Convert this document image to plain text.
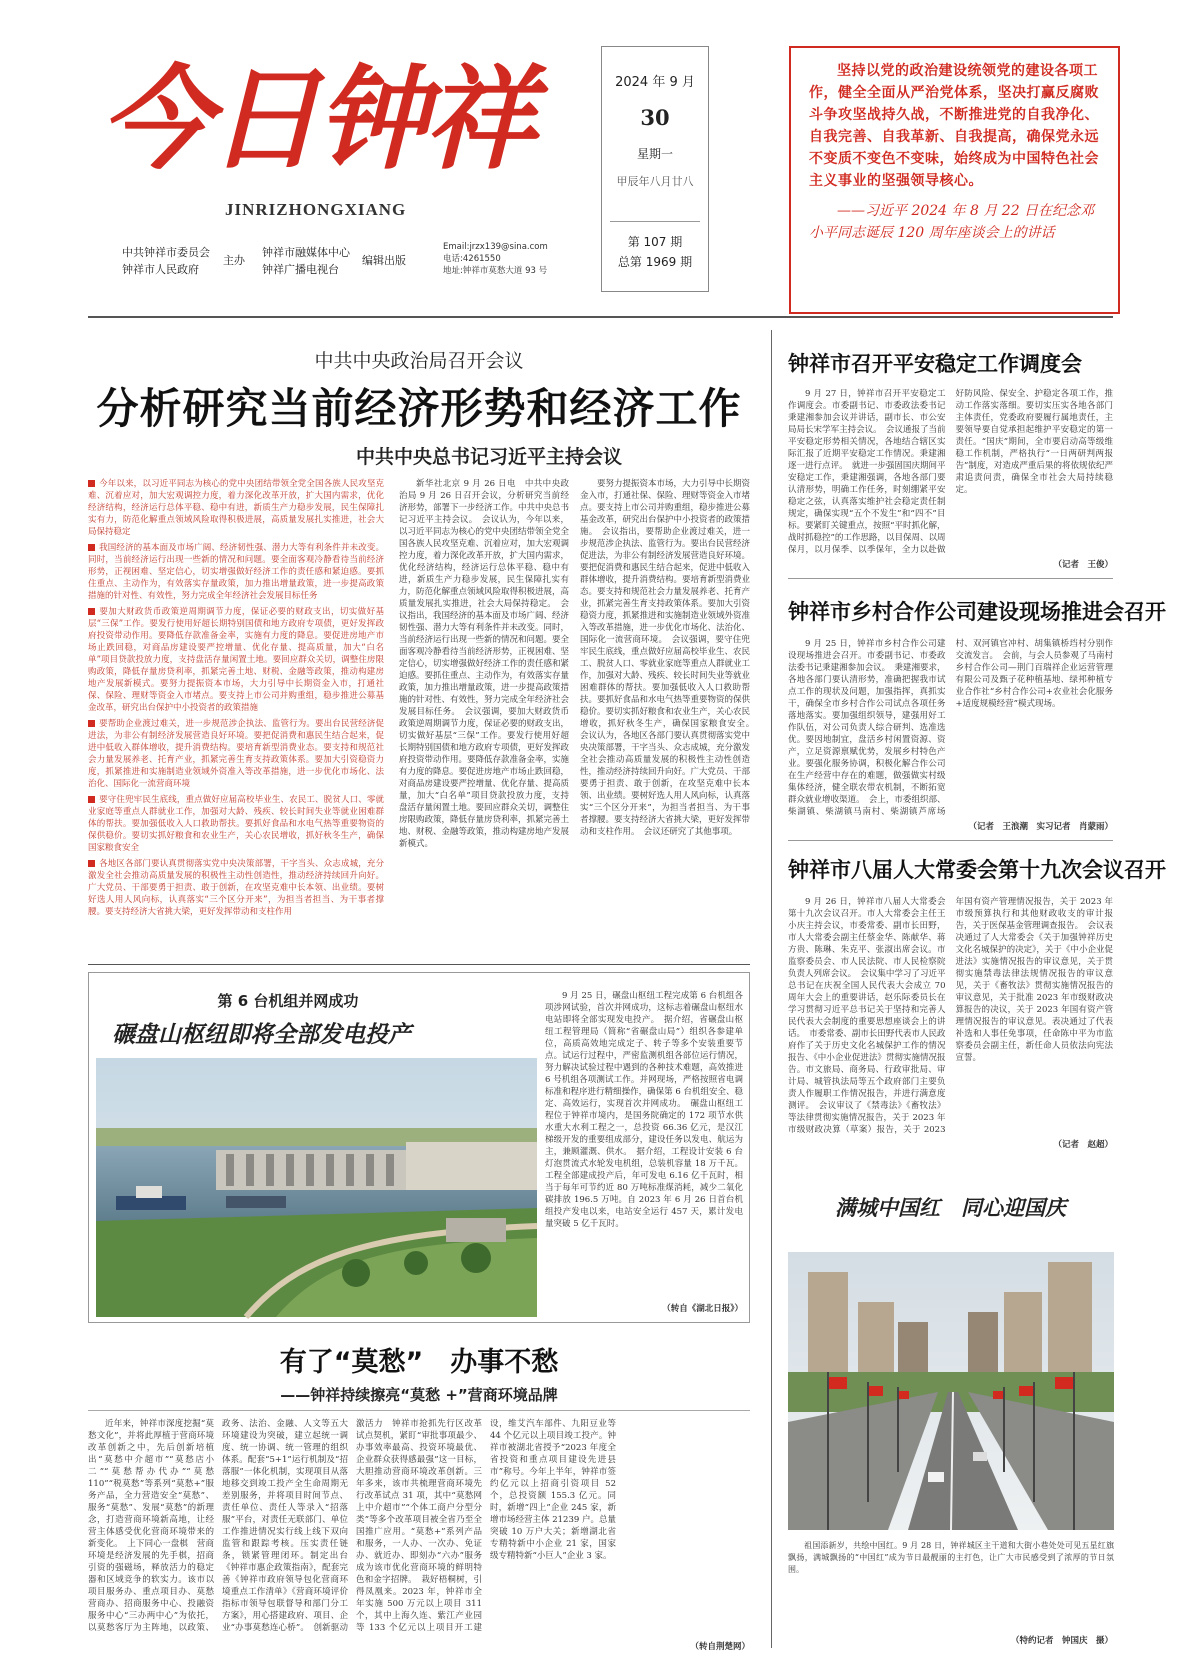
今日钟祥
JINRIZHONGXIANG
中共钟祥市委员会
钟祥市人民政府
主办
钟祥市融媒体中心
钟祥广播电视台
编辑出版
Email:jrzx139@sina.com
电话:4261550
地址:钟祥市莫愁大道 93 号
2024 年 9 月
30
星期一
甲辰年八月廿八
第 107 期
总第 1969 期

坚持以党的政治建设统领党的建设各项工作，健全全面从严治党体系，坚决打赢反腐败斗争攻坚战持久战，不断推进党的自我净化、自我完善、自我革新、自我提高，确保党永远不变质不变色不变味，始终成为中国特色社会主义事业的坚强领导核心。

——习近平 2024 年 8 月 22 日在纪念邓小平同志诞辰 120 周年座谈会上的讲话

中共中央政治局召开会议
分析研究当前经济形势和经济工作
中共中央总书记习近平主持会议

今年以来，以习近平同志为核心的党中央团结带领全党全国各族人民攻坚克难、沉着应对，加大宏观调控力度，着力深化改革开放，扩大国内需求，优化经济结构，经济运行总体平稳、稳中有进，新质生产力稳步发展，民生保障扎实有力，防范化解重点领域风险取得积极进展，高质量发展扎实推进，社会大局保持稳定

我国经济的基本面及市场广阔、经济韧性强、潜力大等有利条件并未改变。同时，当前经济运行出现一些新的情况和问题。要全面客观冷静看待当前经济形势，正视困难、坚定信心，切实增强做好经济工作的责任感和紧迫感。要抓住重点、主动作为，有效落实存量政策，加力推出增量政策，进一步提高政策措施的针对性、有效性，努力完成全年经济社会发展目标任务

要加大财政货币政策逆周期调节力度，保证必要的财政支出，切实做好基层“三保”工作。要发行使用好超长期特别国债和地方政府专项债，更好发挥政府投资带动作用。要降低存款准备金率，实施有力度的降息。要促进房地产市场止跌回稳，对商品房建设要严控增量、优化存量、提高质量，加大“白名单”项目贷款投放力度，支持盘活存量闲置土地。要回应群众关切，调整住房限购政策，降低存量房贷利率，抓紧完善土地、财税、金融等政策，推动构建房地产发展新模式。要努力提振资本市场，大力引导中长期资金入市，打通社保、保险、理财等资金入市堵点。要支持上市公司并购重组，稳步推进公募基金改革，研究出台保护中小投资者的政策措施

要帮助企业渡过难关，进一步规范涉企执法、监管行为。要出台民营经济促进法，为非公有制经济发展营造良好环境。要把促消费和惠民生结合起来，促进中低收入群体增收，提升消费结构。要培育新型消费业态。要支持和规范社会力量发展养老、托育产业，抓紧完善生育支持政策体系。要加大引资稳资力度，抓紧推进和实施制造业领域外资准入等改革措施，进一步优化市场化、法治化、国际化一流营商环境

要守住兜牢民生底线，重点做好应届高校毕业生、农民工、脱贫人口、零就业家庭等重点人群就业工作，加强对大龄、残疾、较长时间失业等就业困难群体的帮扶。要加强低收入人口救助帮扶。要抓好食品和水电气热等重要物资的保供稳价。要切实抓好粮食和农业生产，关心农民增收，抓好秋冬生产，确保国家粮食安全

各地区各部门要认真贯彻落实党中央决策部署，干字当头、众志成城，充分激发全社会推动高质量发展的积极性主动性创造性，推动经济持续回升向好。广大党员、干部要勇于担责、敢于创新，在攻坚克难中长本领、出业绩。要树好选人用人风向标，认真落实“三个区分开来”，为担当者担当、为干事者撑腰。要支持经济大省挑大梁，更好发挥带动和支柱作用

新华社北京 9 月 26 日电　中共中央政治局 9 月 26 日召开会议，分析研究当前经济形势，部署下一步经济工作。中共中央总书记习近平主持会议。　会议认为，今年以来，以习近平同志为核心的党中央团结带领全党全国各族人民攻坚克难、沉着应对，加大宏观调控力度，着力深化改革开放，扩大国内需求，优化经济结构，经济运行总体平稳、稳中有进，新质生产力稳步发展，民生保障扎实有力，防范化解重点领域风险取得积极进展，高质量发展扎实推进，社会大局保持稳定。　会议指出，我国经济的基本面及市场广阔、经济韧性强、潜力大等有利条件并未改变。同时，当前经济运行出现一些新的情况和问题。要全面客观冷静看待当前经济形势，正视困难、坚定信心，切实增强做好经济工作的责任感和紧迫感。要抓住重点、主动作为，有效落实存量政策，加力推出增量政策，进一步提高政策措施的针对性、有效性，努力完成全年经济社会发展目标任务。　会议强调，要加大财政货币政策逆周期调节力度，保证必要的财政支出，切实做好基层“三保”工作。要发行使用好超长期特别国债和地方政府专项债，更好发挥政府投资带动作用。要降低存款准备金率，实施有力度的降息。要促进房地产市场止跌回稳，对商品房建设要严控增量、优化存量、提高质量，加大“白名单”项目贷款投放力度，支持盘活存量闲置土地。要回应群众关切，调整住房限购政策，降低存量房贷利率，抓紧完善土地、财税、金融等政策，推动构建房地产发展新模式。

要努力提振资本市场，大力引导中长期资金入市，打通社保、保险、理财等资金入市堵点。要支持上市公司并购重组，稳步推进公募基金改革，研究出台保护中小投资者的政策措施。　会议指出，要帮助企业渡过难关，进一步规范涉企执法、监管行为。要出台民营经济促进法，为非公有制经济发展营造良好环境。要把促消费和惠民生结合起来，促进中低收入群体增收，提升消费结构。要培育新型消费业态。要支持和规范社会力量发展养老、托育产业，抓紧完善生育支持政策体系。要加大引资稳资力度，抓紧推进和实施制造业领域外资准入等改革措施，进一步优化市场化、法治化、国际化一流营商环境。　会议强调，要守住兜牢民生底线，重点做好应届高校毕业生、农民工、脱贫人口、零就业家庭等重点人群就业工作，加强对大龄、残疾、较长时间失业等就业困难群体的帮扶。要加强低收入人口救助帮扶。要抓好食品和水电气热等重要物资的保供稳价。要切实抓好粮食和农业生产，关心农民增收，抓好秋冬生产，确保国家粮食安全。　会议认为，各地区各部门要认真贯彻落实党中央决策部署，干字当头、众志成城，充分激发全社会推动高质量发展的积极性主动性创造性，推动经济持续回升向好。广大党员、干部要勇于担责、敢于创新，在攻坚克难中长本领、出业绩。要树好选人用人风向标，认真落实“三个区分开来”，为担当者担当、为干事者撑腰。要支持经济大省挑大梁，更好发挥带动和支柱作用。　会议还研究了其他事项。

第 6 台机组并网成功
碾盘山枢纽即将全部发电投产

9 月 25 日，碾盘山枢纽工程完成第 6 台机组各项涉网试验，首次并网成功，这标志着碾盘山枢纽水电站即将全部实现发电投产。　据介绍，省碾盘山枢纽工程管理局（简称“省碾盘山局”）组织各参建单位，高质高效地完成定子、转子等多个安装重要节点。试运行过程中，严密监测机组各部位运行情况，努力解决试验过程中遇到的各种技术难题，高效推进 6 号机组各项测试工作。并网现场，严格按照省电调标准和程序进行精细操作，确保第 6 台机组安全、稳定、高效运行，实现首次并网成功。　碾盘山枢纽工程位于钟祥市境内，是国务院确定的 172 项节水供水重大水利工程之一，总投资 66.36 亿元，是汉江梯级开发的重要组成部分，建设任务以发电、航运为主，兼顾灌溉、供水。　据介绍，工程设计安装 6 台灯泡贯流式水轮发电机组，总装机容量 18 万千瓦。工程全部建成投产后，年可发电 6.16 亿千瓦时，相当于每年可节约近 80 万吨标准煤消耗，减少二氧化碳排放 196.5 万吨。自 2023 年 6 月 26 日首台机组投产发电以来，电站安全运行 457 天，累计发电量突破 5 亿千瓦时。

（转自《湖北日报》）
有了“莫愁”　办事不愁
——钟祥持续擦亮“莫愁 +”营商环境品牌

近年来，钟祥市深度挖掘“莫愁文化”，并将此厚植于营商环境改革创新之中，先后创新培植出“莫愁中介超市”“莫愁店小二”“莫愁帮办代办”“莫愁 110”“税莫愁”等系列“莫愁+”服务产品，全力营造安全“莫愁”、服务“莫愁”、发展“莫愁”的新理念，打造营商环境新高地，让经营主体感受优化营商环境带来的新变化。　上下同心一盘棋　营商环境是经济发展的先手棋，招商引资的强磁场，释放活力的稳定器和区域竞争的软实力。该市以项目服务办、重点项目办、莫愁营商办、招商服务中心、投融资服务中心“三办两中心”为依托，以莫愁客厅为主阵地，以政策、政务、法治、金融、人文等五大环境建设为突破，建立起统一调度、统一协调、统一管理的组织体系。配套“5+1”运行机制及“招落服”一体化机制，实现项目从落地移交到竣工投产全生命周期无差别服务，并将项目时间节点、责任单位、责任人等录入“招落服”平台，对责任无联部门、单位工作推进情况实行线上线下双向监管和跟踪考核。压实责任链条，锁紧管理闭环。制定出台《钟祥市惠企政策指南》，配套完善《钟祥市政府领导包化营商环境重点工作清单》《营商环境评价指标市领导包联督导和部门分工方案》，用心搭建政府、项目、企业“办事莫愁连心桥”。　创新驱动激活力　钟祥市抢抓先行区改革试点契机，紧盯“审批事项最少、办事效率最高、投资环境最优、企业群众获得感最强”这一目标，大胆推动营商环境改革创新。三年多来，该市共梳理营商环境先行改革试点 31 项，其中“莫愁网上中介超市”“个体工商户分型分类”等多个改革项目被全省乃至全国推广应用。“莫愁+”系列产品和服务，一人办、一次办、免证办、就近办、即刻办“六办”服务成为该市优化营商环境的鲜明特色和金字招牌。　栽好梧桐树，引得凤凰来。2023 年，钟祥市全年实施 500 万元以上项目 311 个，其中上海久连、紫江产业园等 133 个亿元以上项目开工建设，维艾汽车部件、九阳豆业等 44 个亿元以上项目竣工投产。钟祥市被湖北省授予“2023 年度全省投资和重点项目建设先进县市”称号。今年上半年，钟祥市签约亿元以上招商引资项目 52 个，总投资额 155.3 亿元。同时，新增“四上”企业 245 家，新增市场经营主体 21239 户。总量突破 10 万户大关；新增湖北省专精特新中小企业 21 家，国家级专精特新“小巨人”企业 3 家。

（转自荆楚网）
钟祥市召开平安稳定工作调度会

9 月 27 日，钟祥市召开平安稳定工作调度会。市委副书记、市委政法委书记秉建湘参加会议并讲话，副市长、市公安局局长宋学军主持会议。　会议通报了当前平安稳定形势相关情况，各地结合辖区实际汇报了近期平安稳定工作情况。秉建湘逐一进行点评。　就进一步强固国庆期间平安稳定工作，秉建湘强调，各地各部门要认清形势，明确工作任务，时刻绷紧平安稳定之弦，认真落实维护社会稳定责任制规定，确保实现“五个不发生”和“四不”目标。要紧盯关键重点，按照“平时抓化解，战时抓稳控”的工作思路，以目保周、以周保月，以月保季、以季保年，全力以赴做好防风险、保安全、护稳定各项工作，推动工作落实落细。要切实压实各地各部门主体责任，党委政府要履行属地责任，主要领导要自觉承担起维护平安稳定的第一责任。“国庆”期间，全市要启动高等级维稳工作机制，严格执行“一日两研判两报告”制度，对造成严重后果的将依规依纪严肃追责问责，确保全市社会大局持续稳定。

（记者　王俊）
钟祥市乡村合作公司建设现场推进会召开

9 月 25 日，钟祥市乡村合作公司建设现场推进会召开。市委副书记、市委政法委书记秉建湘参加会议。　秉建湘要求，各地各部门要认清形势，准确把握我市试点工作的现状及问题，加强指挥，真抓实干，确保全市乡村合作公司试点各项任务落地落实。要加强组织领导，建强用好工作队伍，对公司负责人综合研判、选准选优。要因地制宜，盘活乡村闲置资源、资产，立足资源禀赋优势，发展乡村特色产业。要强化服务协调，积极化解合作公司在生产经营中存在的难题，做强做实村级集体经济，健全联农带农机制，不断拓宽群众就业增收渠道。　会上，市委组织部、柴湖镇、柴湖镇马南村、柴湖镇芦席场村、双河镇官冲村、胡集镇桥垱村分别作交流发言。　会前，与会人员参观了马南村乡村合作公司—荆门百瑞祥企业运营管理有限公司及甄子花种植基地、绿邦种植专业合作社“乡村合作公司+农业社会化服务+适度规模经营”模式现场。

（记者　王浪潮　实习记者　肖蒙雨）
钟祥市八届人大常委会第十九次会议召开

9 月 26 日，钟祥市八届人大常委会第十九次会议召开。市人大常委会主任王小庆主持会议，市委常委、副市长田野，市人大常委会副主任蔡金华、陈献华、蒋方贵、陈琳、朱克平、张淑出席会议。市监察委员会、市人民法院、市人民检察院负责人列席会议。　会议集中学习了习近平总书记在庆祝全国人民代表大会成立 70 周年大会上的重要讲话，赵乐际委员长在学习贯彻习近平总书记关于坚持和完善人民代表大会制度的重要思想座谈会上的讲话。　市委常委、副市长田野代表市人民政府作了关于历史文化名城保护工作的情况报告、《中小企业促进法》贯彻实施情况报告。市文旅局、商务局、行政审批局、审计局、城管执法局等五个政府部门主要负责人作履职工作情况报告，并进行满意度测评。　会议审议了《禁毒法》《畜牧法》等法律贯彻实施情况报告，关于 2023 年市级财政决算（草案）报告，关于 2023 年国有资产管理情况报告，关于 2023 年市级预算执行和其他财政收支的审计报告，关于医保基金管理调查报告。　会议表决通过了人大常委会《关于加强钟祥历史文化名城保护的决定》，关于《中小企业促进法》实施情况报告的审议意见，关于贯彻实施禁毒法律法规情况报告的审议意见，关于《畜牧法》贯彻实施情况报告的审议意见，关于批准 2023 年市级财政决算报告的决议，关于 2023 年国有资产管理情况报告的审议意见。表决通过了代表补选和人事任免事项，任命陈中平为市监察委员会副主任，新任命人员依法向宪法宣誓。

（记者　赵超）
满城中国红　同心迎国庆

祖国添新岁，共绘中国红。9 月 28 日，钟祥城区主干道和大街小巷处处可见五星红旗飘扬，满城飘扬的“中国红”成为节日最靓丽的主打色，让广大市民感受到了浓厚的节日氛围。

（特约记者　钟国庆　摄）
